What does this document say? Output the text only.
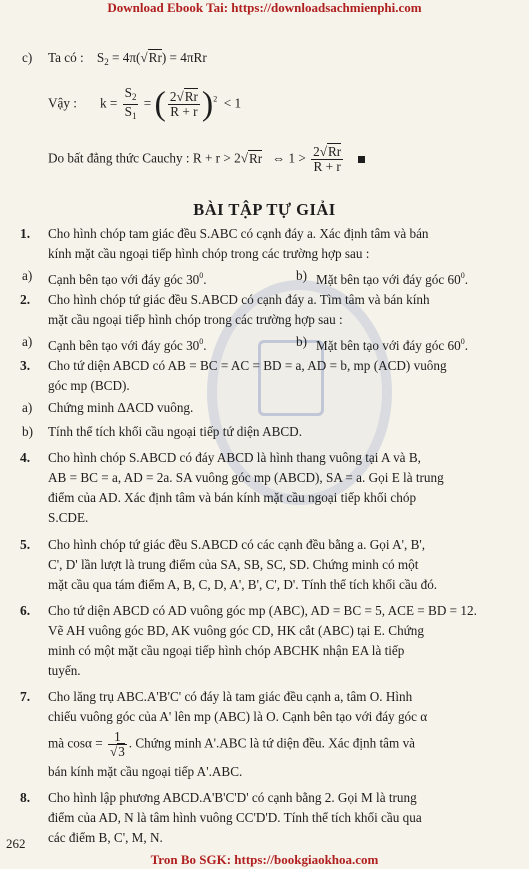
Download Ebook Tai: https://downloadsachmienphi.com
c) Ta có : $S_2 = 4\pi(√Rr) = 4\pi Rr$
Vậy : $k = \frac{S_2}{S_1}$ = ( $\frac{2√Rr}{R + r} )^2 < 1$
Do bất đẳng thức Cauchy : R + r > 2√Rr ⇔ $1 > \frac{2√Rr}{R + r}$

BÀI TẬP TỰ GIẢI
1. Cho hình chóp tam giác đều S.ABC có cạnh đáy a. Xác định tâm và bán
kính mặt cầu ngoại tiếp hình chóp trong các trường hợp sau :
a) Cạnh bên tạo với đáy góc $30^0$.	b) Mặt bên tạo với đáy góc $60^0$.
2. Cho hình chóp tứ giác đều S.ABCD có cạnh đáy a. Tìm tâm và bán kính
mặt cầu ngoại tiếp hình chóp trong các trường hợp sau :
a) Cạnh bên tạo với đáy góc $30^0$.	b) Mặt bên tạo với đáy góc $60^0$.
3. Cho tứ diện ABCD có AB = BC = AC = BD = a, AD = b, mp (ACD) vuông
góc mp (BCD).
a) Chứng minh ΔACD vuông.
b) Tính thể tích khối cầu ngoại tiếp tứ diện ABCD.
4. Cho hình chóp S.ABCD có đáy ABCD là hình thang vuông tại A và B,
AB = BC = a, AD = 2a. SA vuông góc mp (ABCD), SA = a. Gọi E là trung
điểm của AD. Xác định tâm và bán kính mặt cầu ngoại tiếp khối chóp
S.CDE.
5. Cho hình chóp tứ giác đều S.ABCD có các cạnh đều bằng a. Gọi A', B',
C', D' lần lượt là trung điểm của SA, SB, SC, SD. Chứng minh có một
mặt cầu qua tám điểm A, B, C, D, A', B', C', D'. Tính thể tích khối cầu đó.
6. Cho tứ diện ABCD có AD vuông góc mp (ABC), AD = BC = 5, ACE = BD = 12.
Vẽ AH vuông góc BD, AK vuông góc CD, HK cắt (ABC) tại E. Chứng
minh có một mặt cầu ngoại tiếp hình chóp ABCHK nhận EA là tiếp
tuyến.
7. Cho lăng trụ ABC.A'B'C' có đáy là tam giác đều cạnh a, tâm O. Hình
chiếu vuông góc của A' lên mp (ABC) là O. Cạnh bên tạo với đáy góc α
mà $\cos\alpha = \frac{1}{√3}$ . Chứng minh A'.ABC là tứ diện đều. Xác định tâm và
bán kính mặt cầu ngoại tiếp A'.ABC.
8. Cho hình lập phương ABCD.A'B'C'D' có cạnh bằng 2. Gọi M là trung
điểm của AD, N là tâm hình vuông CC'D'D. Tính thể tích khối cầu qua
các điểm B, C', M, N.
262
Tron Bo SGK: https://bookgiaokhoa.com
